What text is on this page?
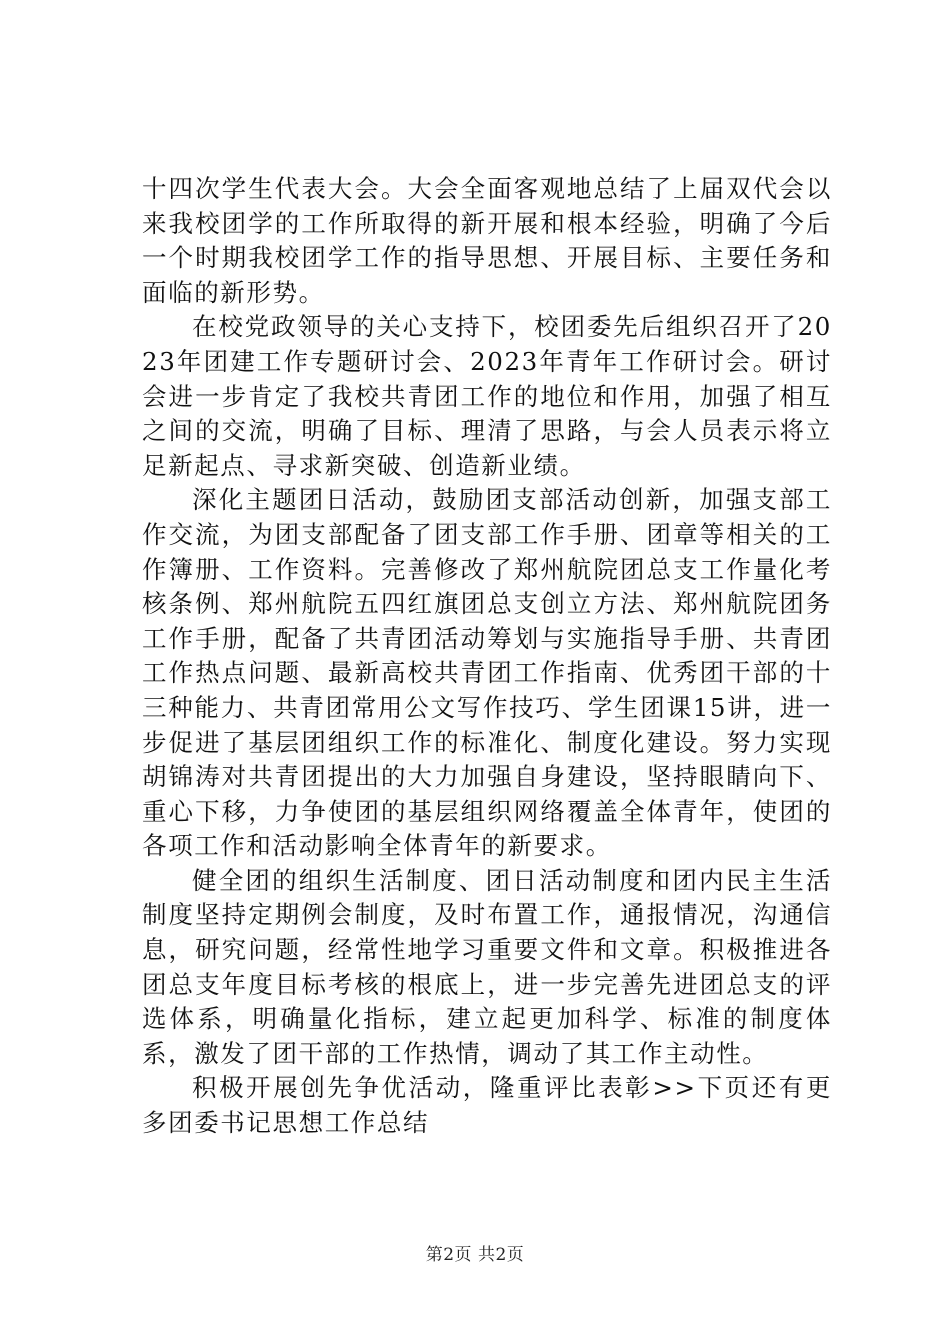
十四次学生代表大会。大会全面客观地总结了上届双代会以来我校团学的工作所取得的新开展和根本经验，明确了今后一个时期我校团学工作的指导思想、开展目标、主要任务和面临的新形势。

在校党政领导的关心支持下，校团委先后组织召开了2023年团建工作专题研讨会、2023年青年工作研讨会。研讨会进一步肯定了我校共青团工作的地位和作用，加强了相互之间的交流，明确了目标、理清了思路，与会人员表示将立足新起点、寻求新突破、创造新业绩。

深化主题团日活动，鼓励团支部活动创新，加强支部工作交流，为团支部配备了团支部工作手册、团章等相关的工作簿册、工作资料。完善修改了郑州航院团总支工作量化考核条例、郑州航院五四红旗团总支创立方法、郑州航院团务工作手册，配备了共青团活动筹划与实施指导手册、共青团工作热点问题、最新高校共青团工作指南、优秀团干部的十三种能力、共青团常用公文写作技巧、学生团课15讲，进一步促进了基层团组织工作的标准化、制度化建设。努力实现胡锦涛对共青团提出的大力加强自身建设，坚持眼睛向下、重心下移，力争使团的基层组织网络覆盖全体青年，使团的各项工作和活动影响全体青年的新要求。

健全团的组织生活制度、团日活动制度和团内民主生活制度坚持定期例会制度，及时布置工作，通报情况，沟通信息，研究问题，经常性地学习重要文件和文章。积极推进各团总支年度目标考核的根底上，进一步完善先进团总支的评选体系，明确量化指标，建立起更加科学、标准的制度体系，激发了团干部的工作热情，调动了其工作主动性。

积极开展创先争优活动，隆重评比表彰>>下页还有更多团委书记思想工作总结

第2页 共2页
